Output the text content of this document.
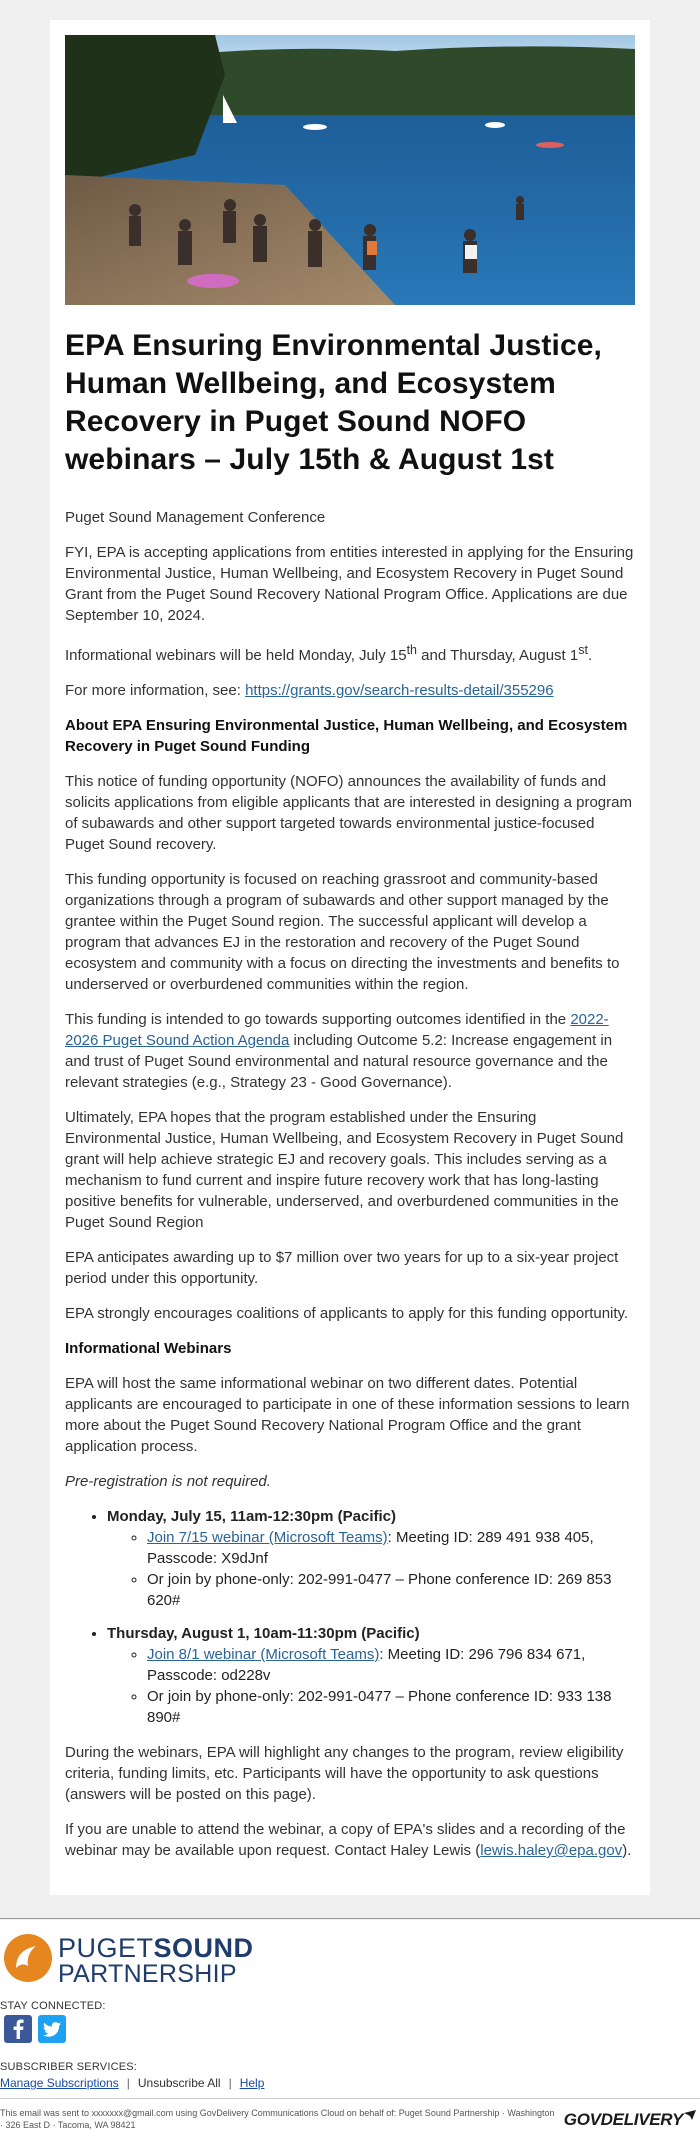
EPA Ensuring Environmental Justice, Human Wellbeing, and Ecosystem Recovery in Puget Sound NOFO webinars – July 15th & August 1st

Puget Sound Management Conference

FYI, EPA is accepting applications from entities interested in applying for the Ensuring Environmental Justice, Human Wellbeing, and Ecosystem Recovery in Puget Sound Grant from the Puget Sound Recovery National Program Office. Applications are due September 10, 2024.

Informational webinars will be held Monday, July 15th and Thursday, August 1st.

For more information, see: https://grants.gov/search-results-detail/355296

About EPA Ensuring Environmental Justice, Human Wellbeing, and Ecosystem Recovery in Puget Sound Funding

This notice of funding opportunity (NOFO) announces the availability of funds and solicits applications from eligible applicants that are interested in designing a program of subawards and other support targeted towards environmental justice-focused Puget Sound recovery.

This funding opportunity is focused on reaching grassroot and community-based organizations through a program of subawards and other support managed by the grantee within the Puget Sound region. The successful applicant will develop a program that advances EJ in the restoration and recovery of the Puget Sound ecosystem and community with a focus on directing the investments and benefits to underserved or overburdened communities within the region.

This funding is intended to go towards supporting outcomes identified in the 2022-2026 Puget Sound Action Agenda including Outcome 5.2: Increase engagement in and trust of Puget Sound environmental and natural resource governance and the relevant strategies (e.g., Strategy 23 - Good Governance).

Ultimately, EPA hopes that the program established under the Ensuring Environmental Justice, Human Wellbeing, and Ecosystem Recovery in Puget Sound grant will help achieve strategic EJ and recovery goals. This includes serving as a mechanism to fund current and inspire future recovery work that has long-lasting positive benefits for vulnerable, underserved, and overburdened communities in the Puget Sound Region

EPA anticipates awarding up to $7 million over two years for up to a six-year project period under this opportunity.

EPA strongly encourages coalitions of applicants to apply for this funding opportunity.

Informational Webinars

EPA will host the same informational webinar on two different dates. Potential applicants are encouraged to participate in one of these information sessions to learn more about the Puget Sound Recovery National Program Office and the grant application process.

Pre-registration is not required.

• Monday, July 15, 11am-12:30pm (Pacific)
◦ Join 7/15 webinar (Microsoft Teams): Meeting ID: 289 491 938 405, Passcode: X9dJnf
◦ Or join by phone-only: 202-991-0477 – Phone conference ID: 269 853 620#
• Thursday, August 1, 10am-11:30pm (Pacific)
◦ Join 8/1 webinar (Microsoft Teams): Meeting ID: 296 796 834 671, Passcode: od228v
◦ Or join by phone-only: 202-991-0477 – Phone conference ID: 933 138 890#

During the webinars, EPA will highlight any changes to the program, review eligibility criteria, funding limits, etc. Participants will have the opportunity to ask questions (answers will be posted on this page).

If you are unable to attend the webinar, a copy of EPA's slides and a recording of the webinar may be available upon request. Contact Haley Lewis (lewis.haley@epa.gov).

PUGETSOUND
PARTNERSHIP
STAY CONNECTED:
SUBSCRIBER SERVICES:
Manage Subscriptions | Unsubscribe All | Help
This email was sent to xxxxxxx@gmail.com using GovDelivery Communications Cloud on behalf of: Puget Sound Partnership · Washington · 326 East D · Tacoma, WA 98421	GOVDELIVERY
